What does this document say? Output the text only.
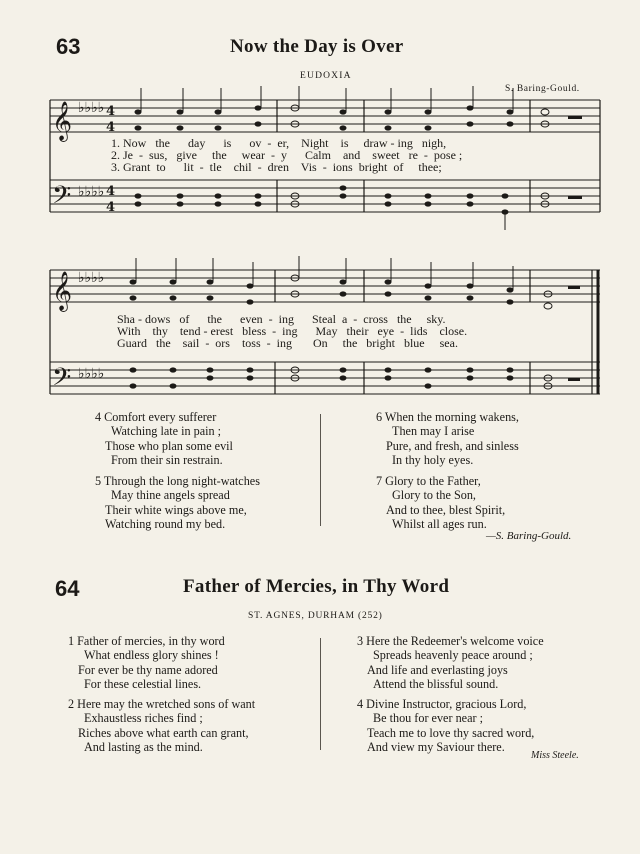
63	Now the Day is Over
EUDOXIA
S. Baring-Gould.
𝄞
𝄢
𝄞
𝄢
♭♭♭♭
♭♭♭♭
♭♭♭♭
♭♭♭♭
4
4
4
4
1. Now   the      day      is      ov  -  er,    Night    is     draw - ing   nigh,
2. Je  -  sus,   give     the     wear  -  y      Calm    and    sweet   re  -  pose ;
3. Grant  to      lit  -  tle    chil  -  dren    Vis  -  ions  bright  of     thee;
Sha - dows   of      the      even  -  ing      Steal  a  -  cross   the     sky.
With    thy    tend - erest   bless  -  ing      May   their   eye  -  lids    close.
Guard   the    sail  -  ors    toss  -  ing       On     the   bright   blue     sea.
4 Comfort every sufferer
Watching late in pain ;
Those who plan some evil
From their sin restrain.
5 Through the long night-watches
May thine angels spread
Their white wings above me,
Watching round my bed.
6 When the morning wakens,
Then may I arise
Pure, and fresh, and sinless
In thy holy eyes.
7 Glory to the Father,
Glory to the Son,
And to thee, blest Spirit,
Whilst all ages run.
—S. Baring-Gould.
64	Father of Mercies, in Thy Word
ST. AGNES, DURHAM (252)
1 Father of mercies, in thy word
What endless glory shines !
For ever be thy name adored
For these celestial lines.
2 Here may the wretched sons of want
Exhaustless riches find ;
Riches above what earth can grant,
And lasting as the mind.
3 Here the Redeemer's welcome voice
Spreads heavenly peace around ;
And life and everlasting joys
Attend the blissful sound.
4 Divine Instructor, gracious Lord,
Be thou for ever near ;
Teach me to love thy sacred word,
And view my Saviour there.
Miss Steele.
